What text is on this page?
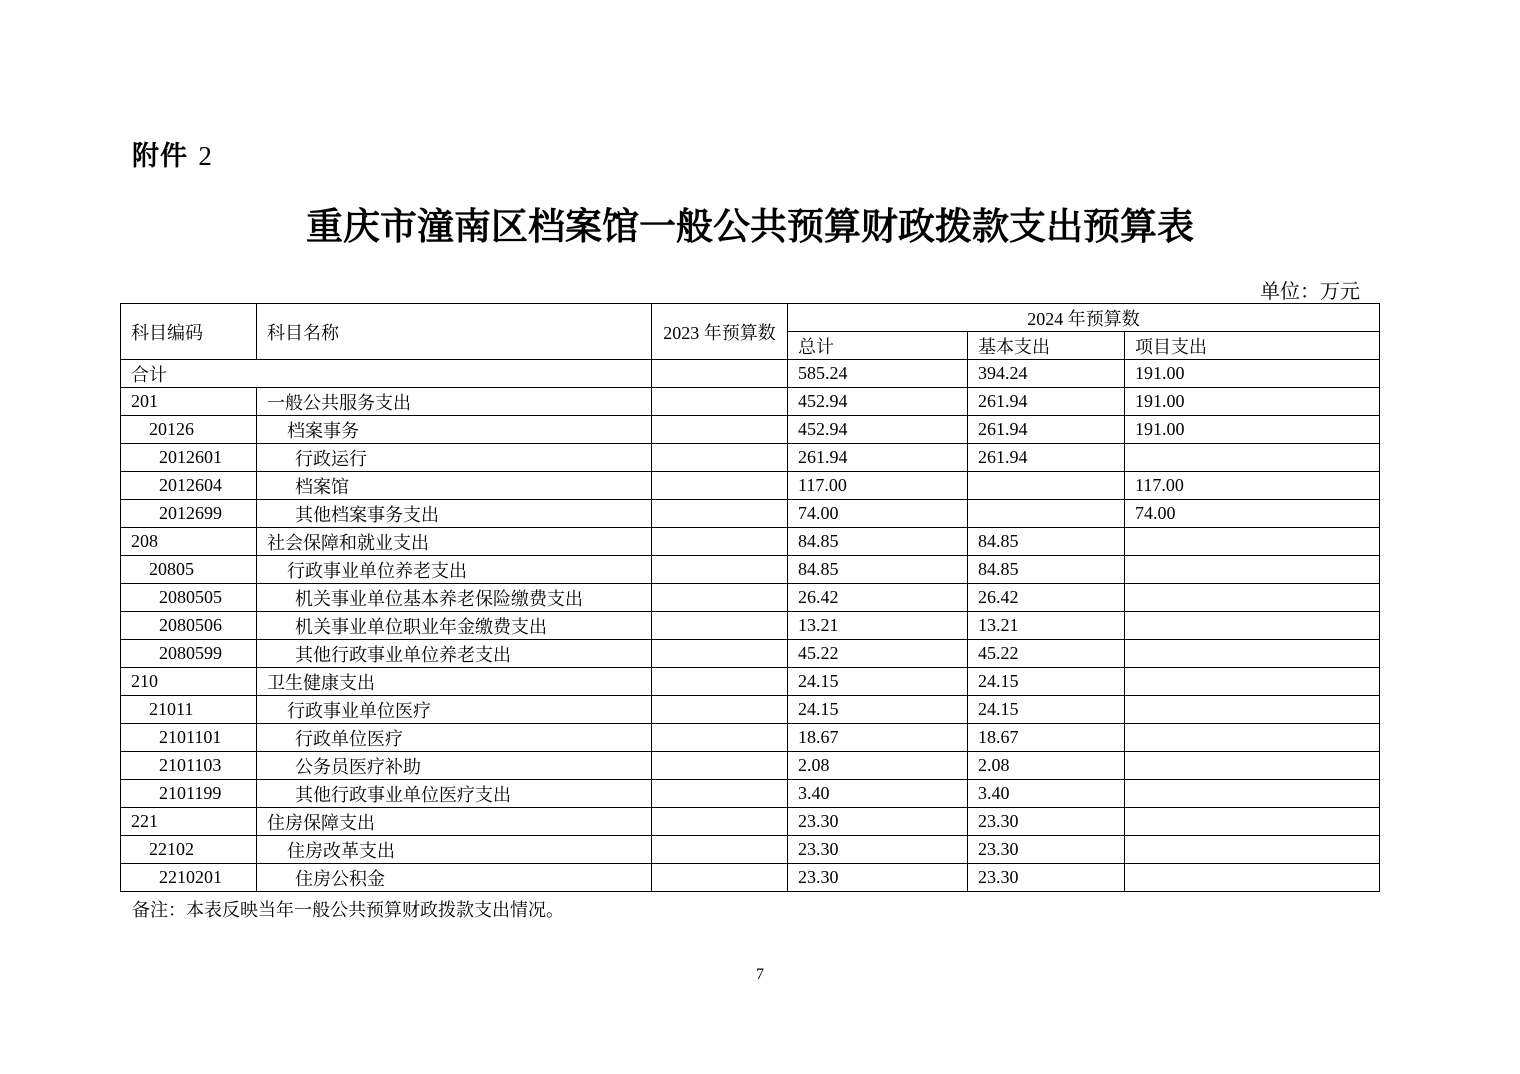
附件 2
重庆市潼南区档案馆一般公共预算财政拨款支出预算表
单位：万元
科目编码	科目名称	2023 年预算数	2024 年预算数		
			总计	基本支出	项目支出
合计			585.24	394.24	191.00
201	一般公共服务支出		452.94	261.94	191.00
20126	档案事务		452.94	261.94	191.00
2012601	行政运行		261.94	261.94	
2012604	档案馆		117.00		117.00
2012699	其他档案事务支出		74.00		74.00
208	社会保障和就业支出		84.85	84.85	
20805	行政事业单位养老支出		84.85	84.85	
2080505	机关事业单位基本养老保险缴费支出		26.42	26.42	
2080506	机关事业单位职业年金缴费支出		13.21	13.21	
2080599	其他行政事业单位养老支出		45.22	45.22	
210	卫生健康支出		24.15	24.15	
21011	行政事业单位医疗		24.15	24.15	
2101101	行政单位医疗		18.67	18.67	
2101103	公务员医疗补助		2.08	2.08	
2101199	其他行政事业单位医疗支出		3.40	3.40	
221	住房保障支出		23.30	23.30	
22102	住房改革支出		23.30	23.30	
2210201	住房公积金		23.30	23.30	
备注：本表反映当年一般公共预算财政拨款支出情况。
7
